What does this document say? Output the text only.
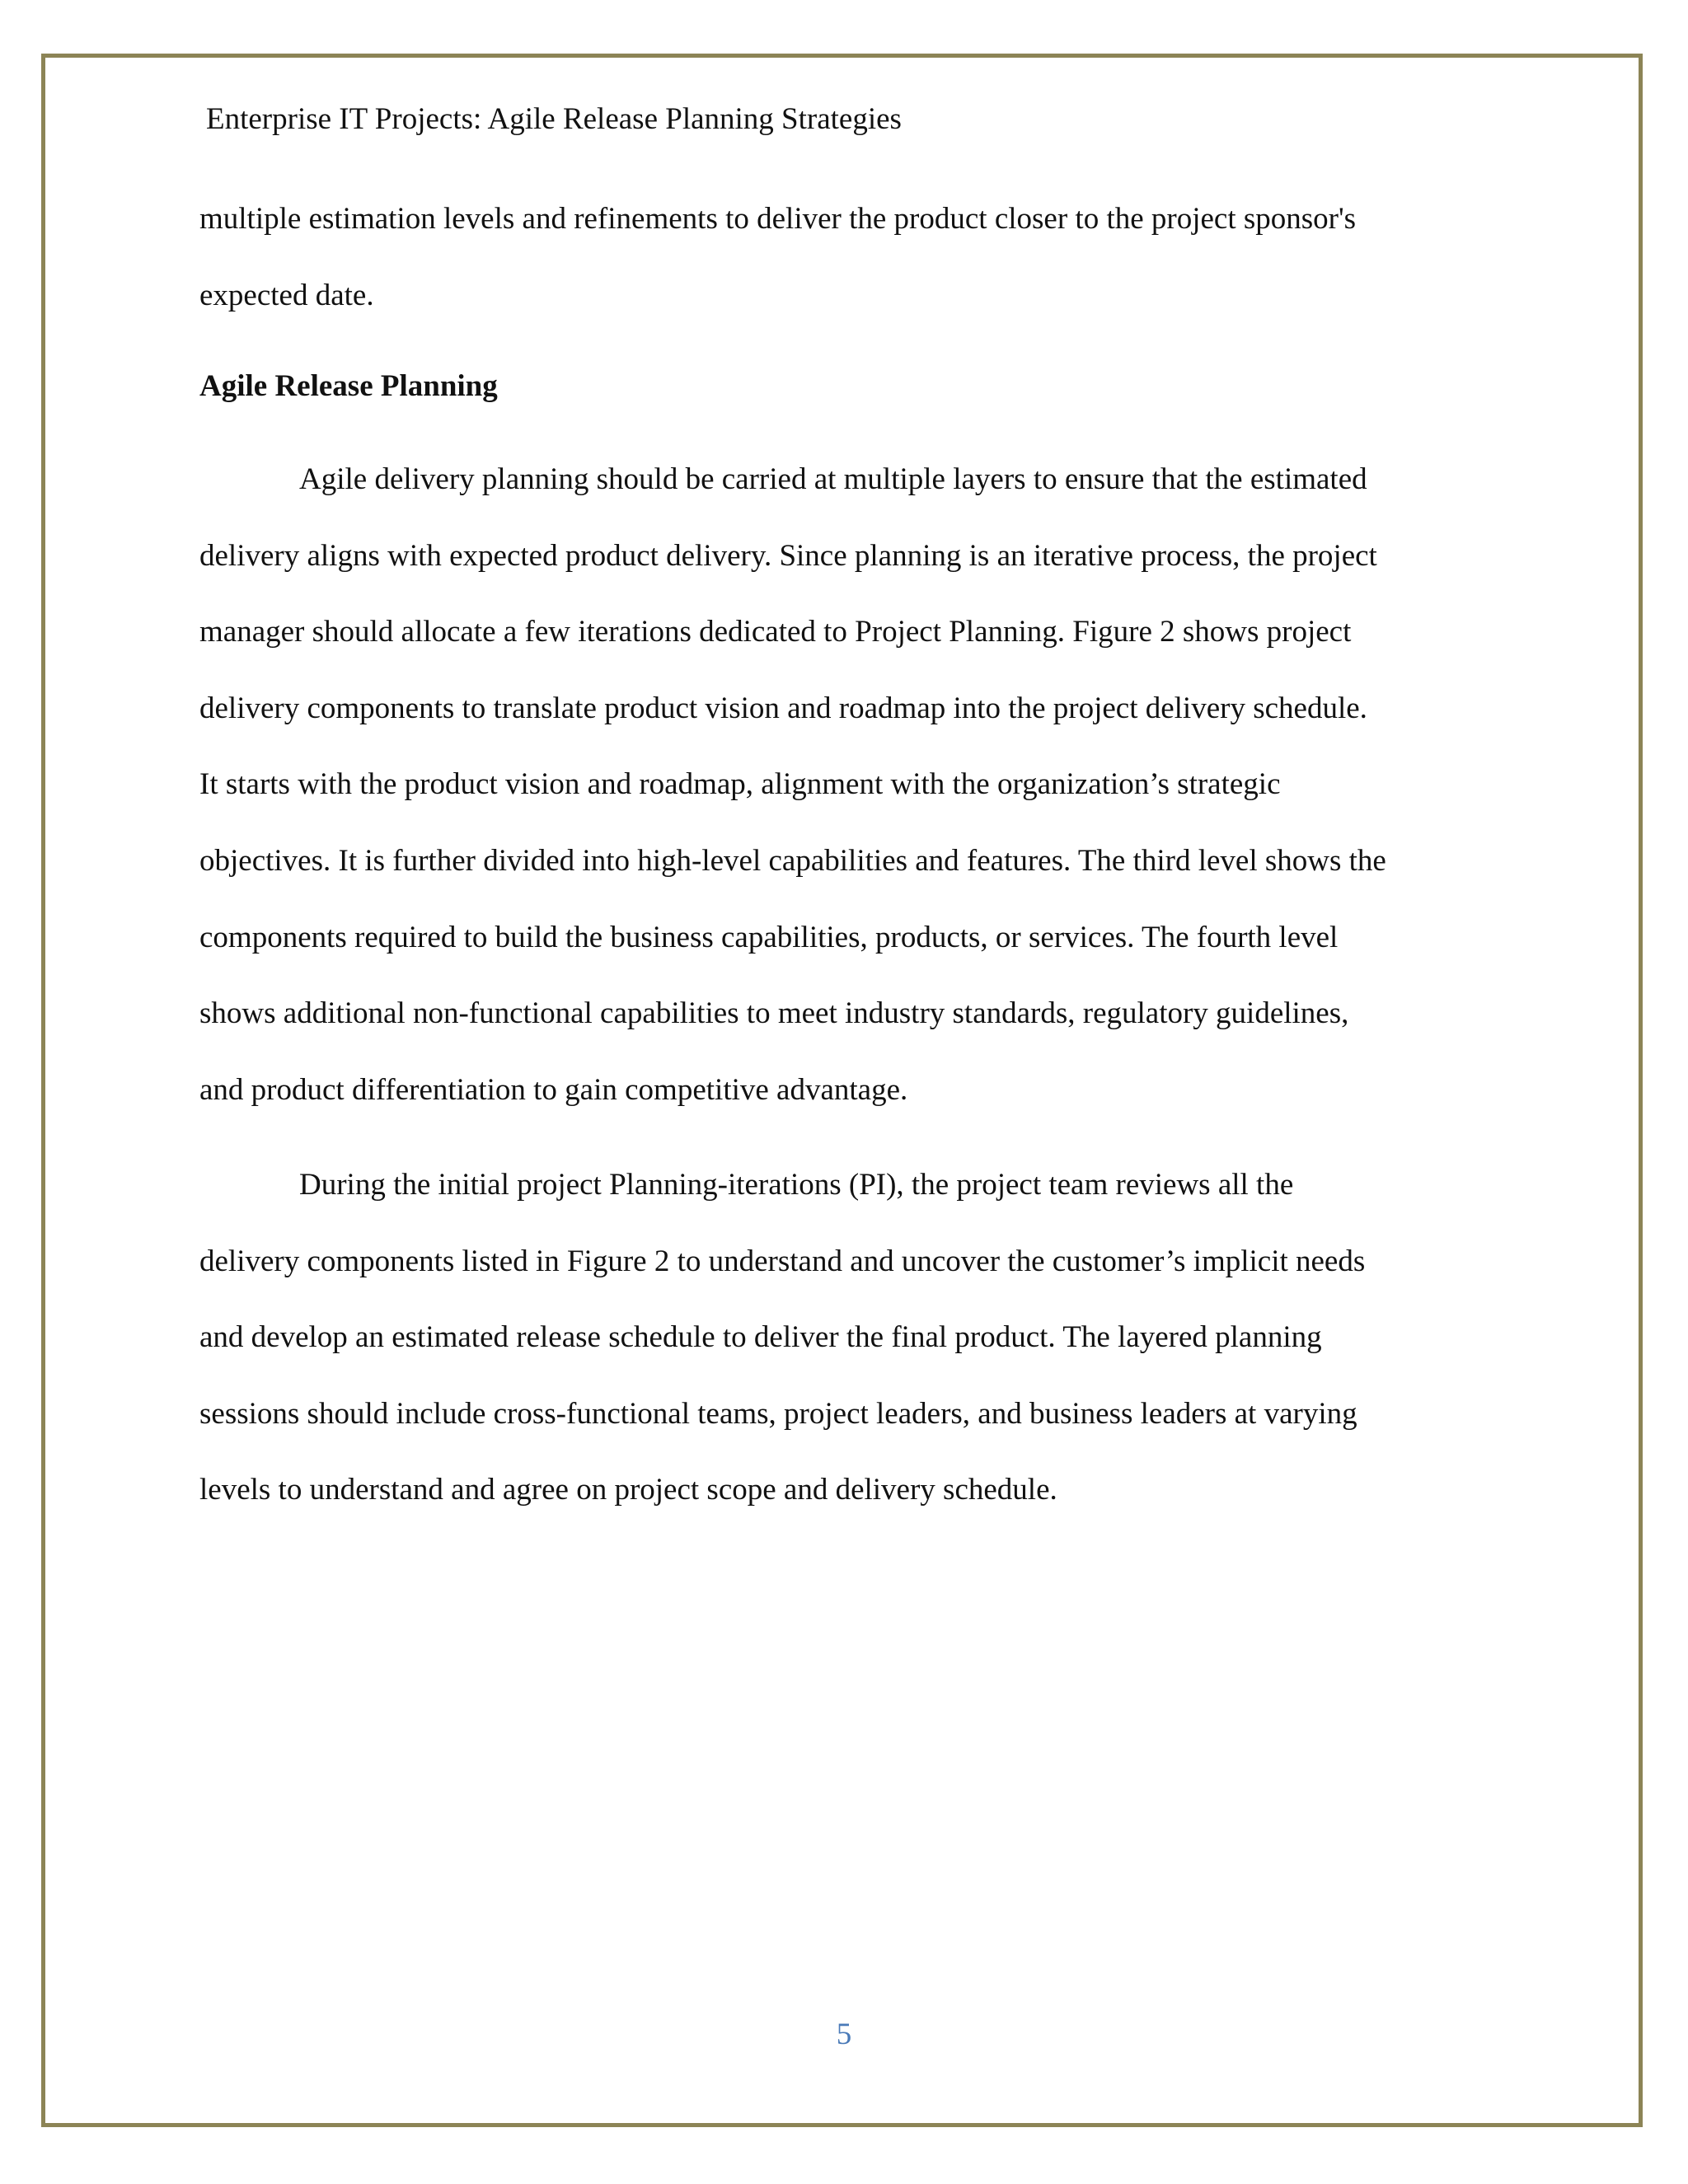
Enterprise IT Projects: Agile Release Planning Strategies
multiple estimation levels and refinements to deliver the product closer to the project sponsor's
expected date.
Agile Release Planning
Agile delivery planning should be carried at multiple layers to ensure that the estimated
delivery aligns with expected product delivery. Since planning is an iterative process, the project
manager should allocate a few iterations dedicated to Project Planning. Figure 2 shows project
delivery components to translate product vision and roadmap into the project delivery schedule.
It starts with the product vision and roadmap, alignment with the organization’s strategic
objectives. It is further divided into high-level capabilities and features. The third level shows the
components required to build the business capabilities, products, or services. The fourth level
shows additional non-functional capabilities to meet industry standards, regulatory guidelines,
and product differentiation to gain competitive advantage.
During the initial project Planning-iterations (PI), the project team reviews all the
delivery components listed in Figure 2 to understand and uncover the customer’s implicit needs
and develop an estimated release schedule to deliver the final product. The layered planning
sessions should include cross-functional teams, project leaders, and business leaders at varying
levels to understand and agree on project scope and delivery schedule.
5
